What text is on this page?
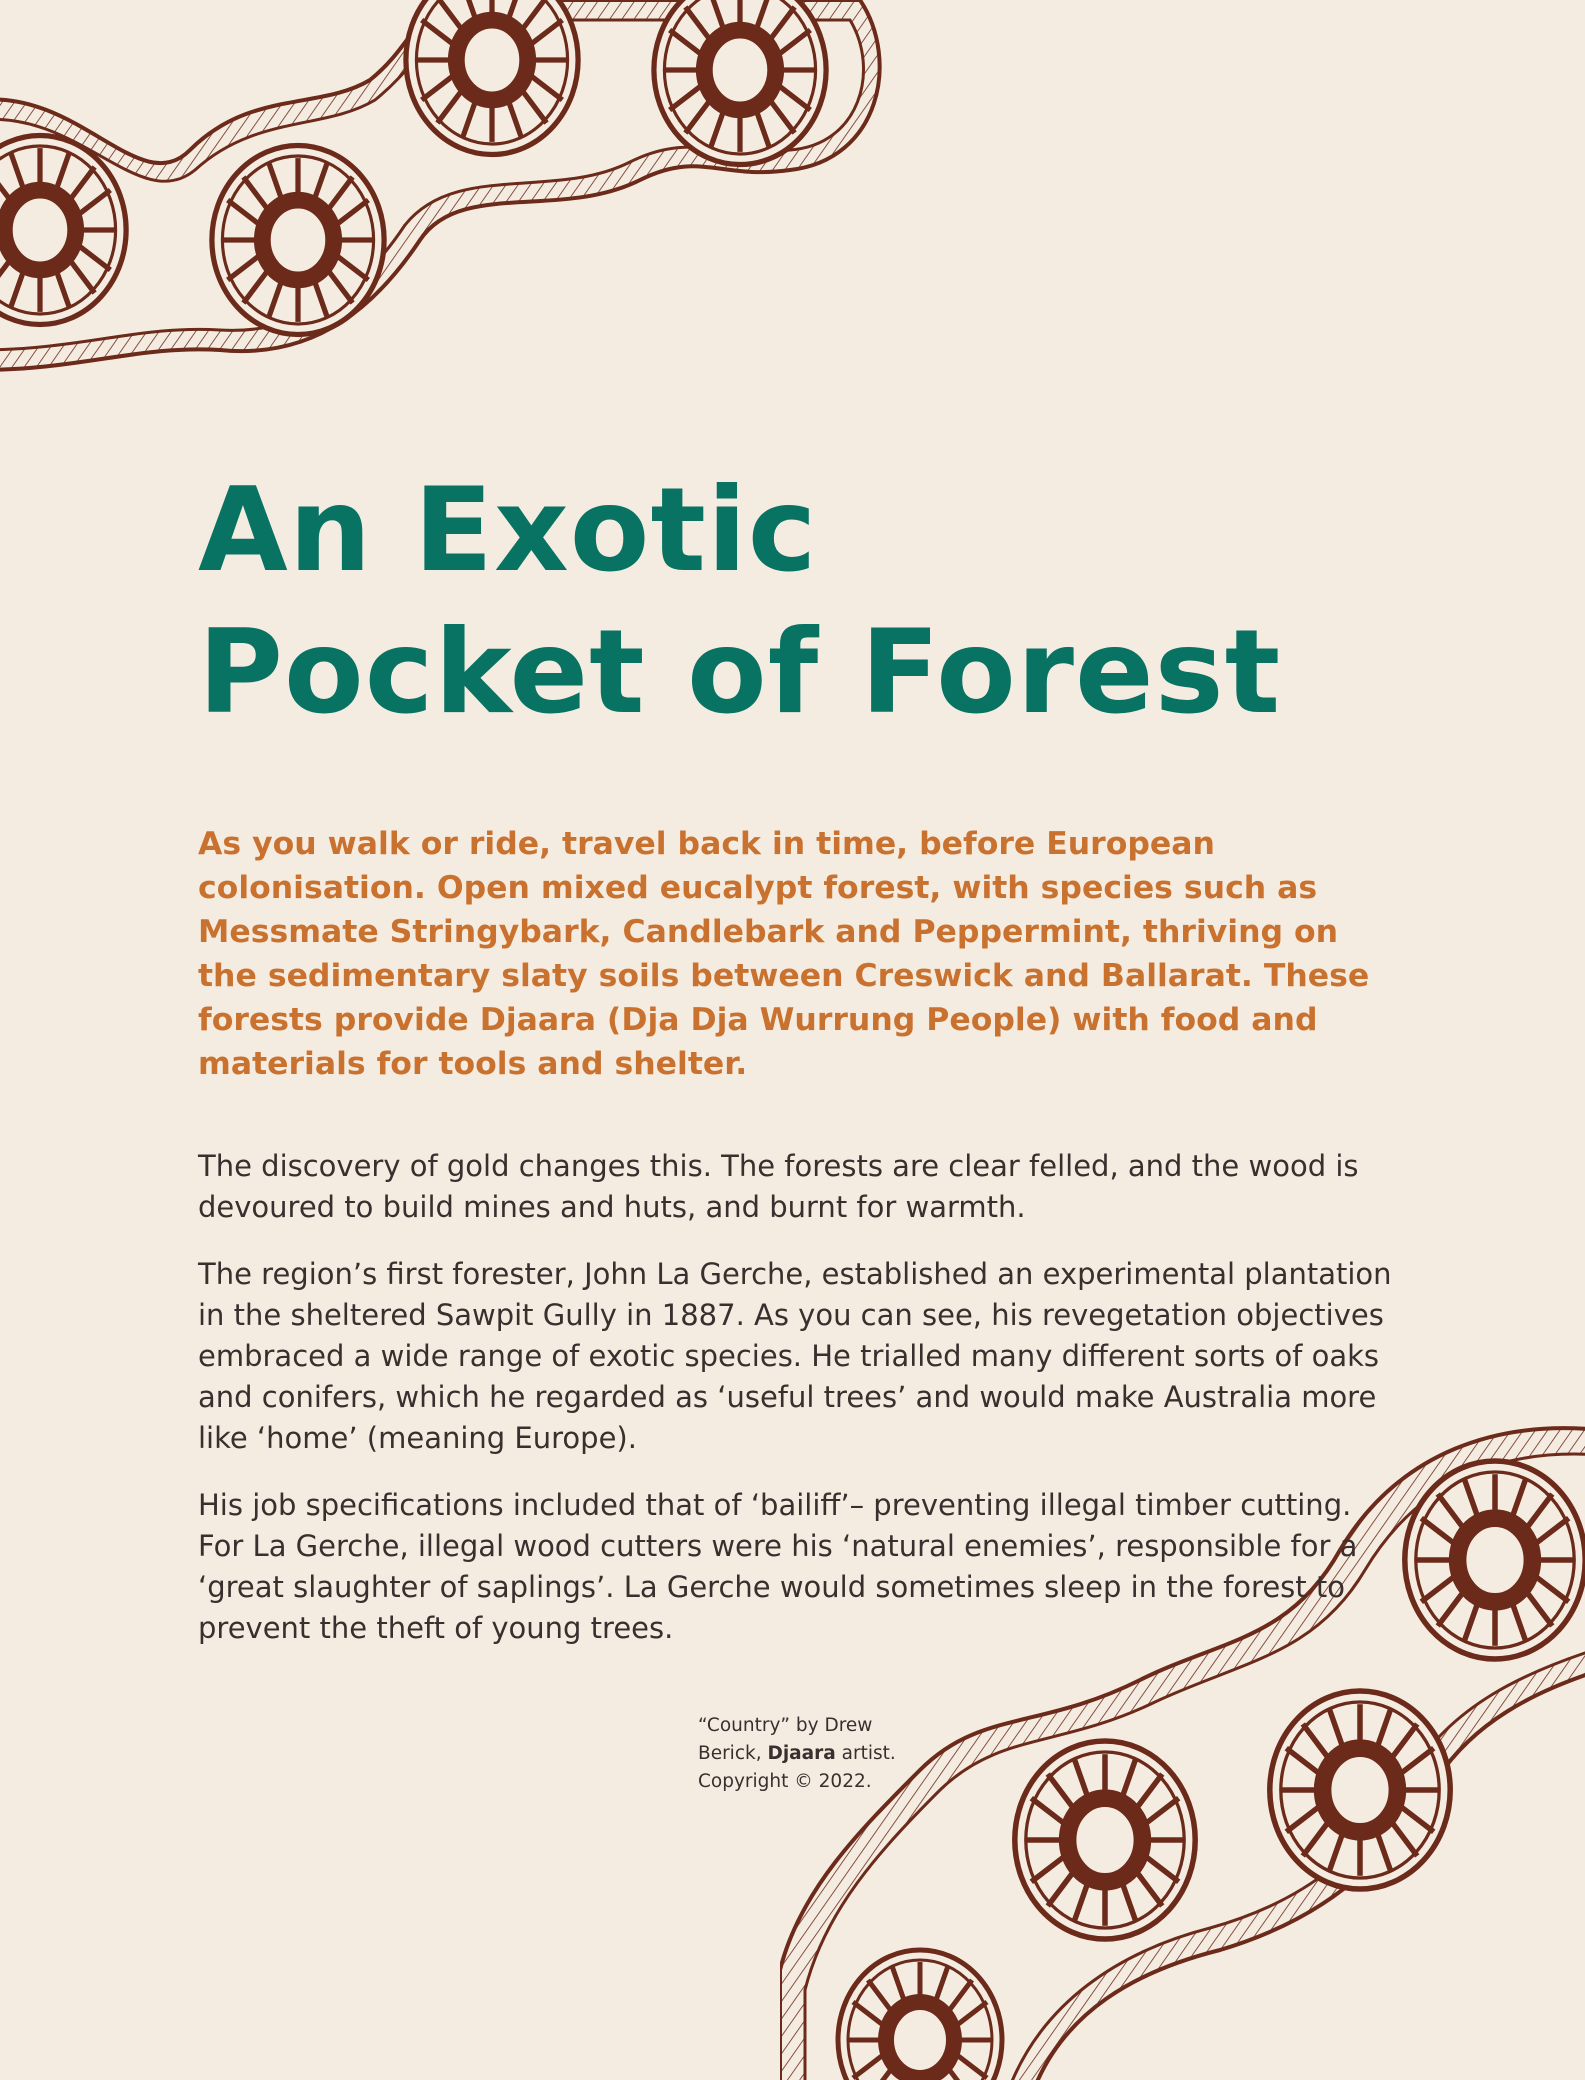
An Exotic
Pocket of Forest

As you walk or ride, travel back in time, before European colonisation. Open mixed eucalypt forest, with species such as Messmate Stringybark, Candlebark and Peppermint, thriving on the sedimentary slaty soils between Creswick and Ballarat. These forests provide Djaara (Dja Dja Wurrung People) with food and materials for tools and shelter.

The discovery of gold changes this. The forests are clear felled, and the wood is devoured to build mines and huts, and burnt for warmth.

The region’s first forester, John La Gerche, established an experimental plantation in the sheltered Sawpit Gully in 1887. As you can see, his revegetation objectives embraced a wide range of exotic species. He trialled many different sorts of oaks and conifers, which he regarded as ‘useful trees’ and would make Australia more like ‘home’ (meaning Europe).

His job specifications included that of ‘bailiff’– preventing illegal timber cutting. For La Gerche, illegal wood cutters were his ‘natural enemies’, responsible for a ‘great slaughter of saplings’. La Gerche would sometimes sleep in the forest to prevent the theft of young trees.

“Country” by Drew
Berick, Djaara artist.
Copyright © 2022.
